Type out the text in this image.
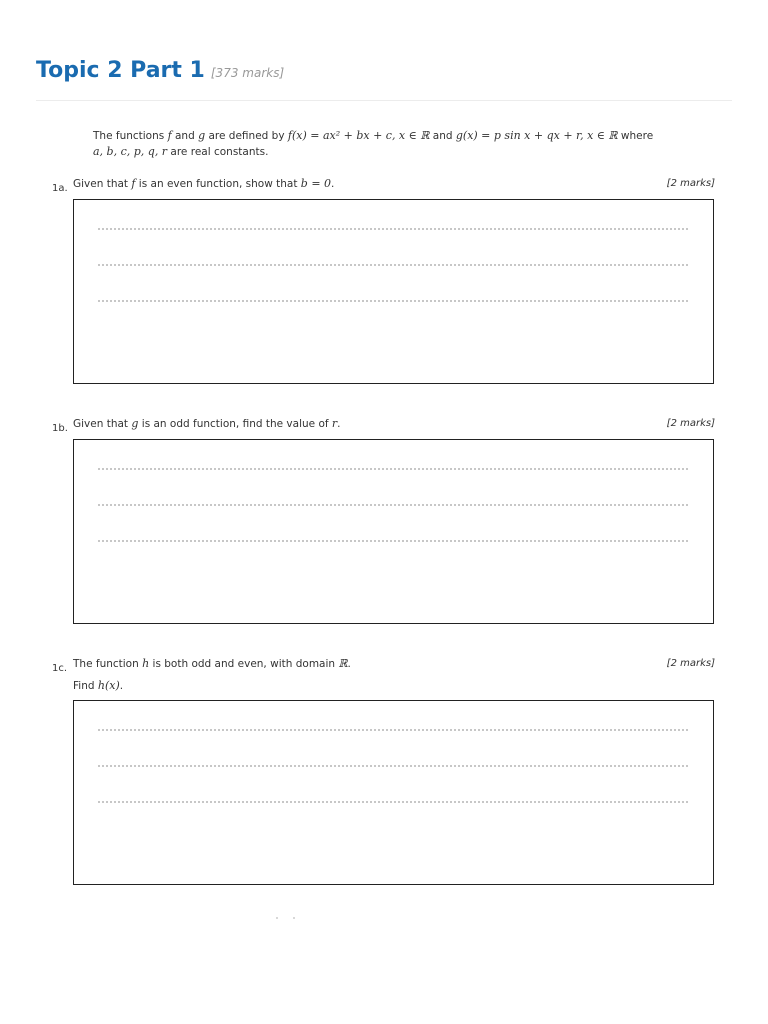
Topic 2 Part 1 [373 marks]
The functions f and g are defined by f(x) = ax² + bx + c, x ∈ ℝ and g(x) = p sin x + qx + r, x ∈ ℝ where
a, b, c, p, q, r are real constants.
1a. Given that f is an even function, show that b = 0.	[2 marks]
1b. Given that g is an odd function, find the value of r.	[2 marks]
1c. The function h is both odd and even, with domain ℝ.
Find h(x).
[2 marks]
